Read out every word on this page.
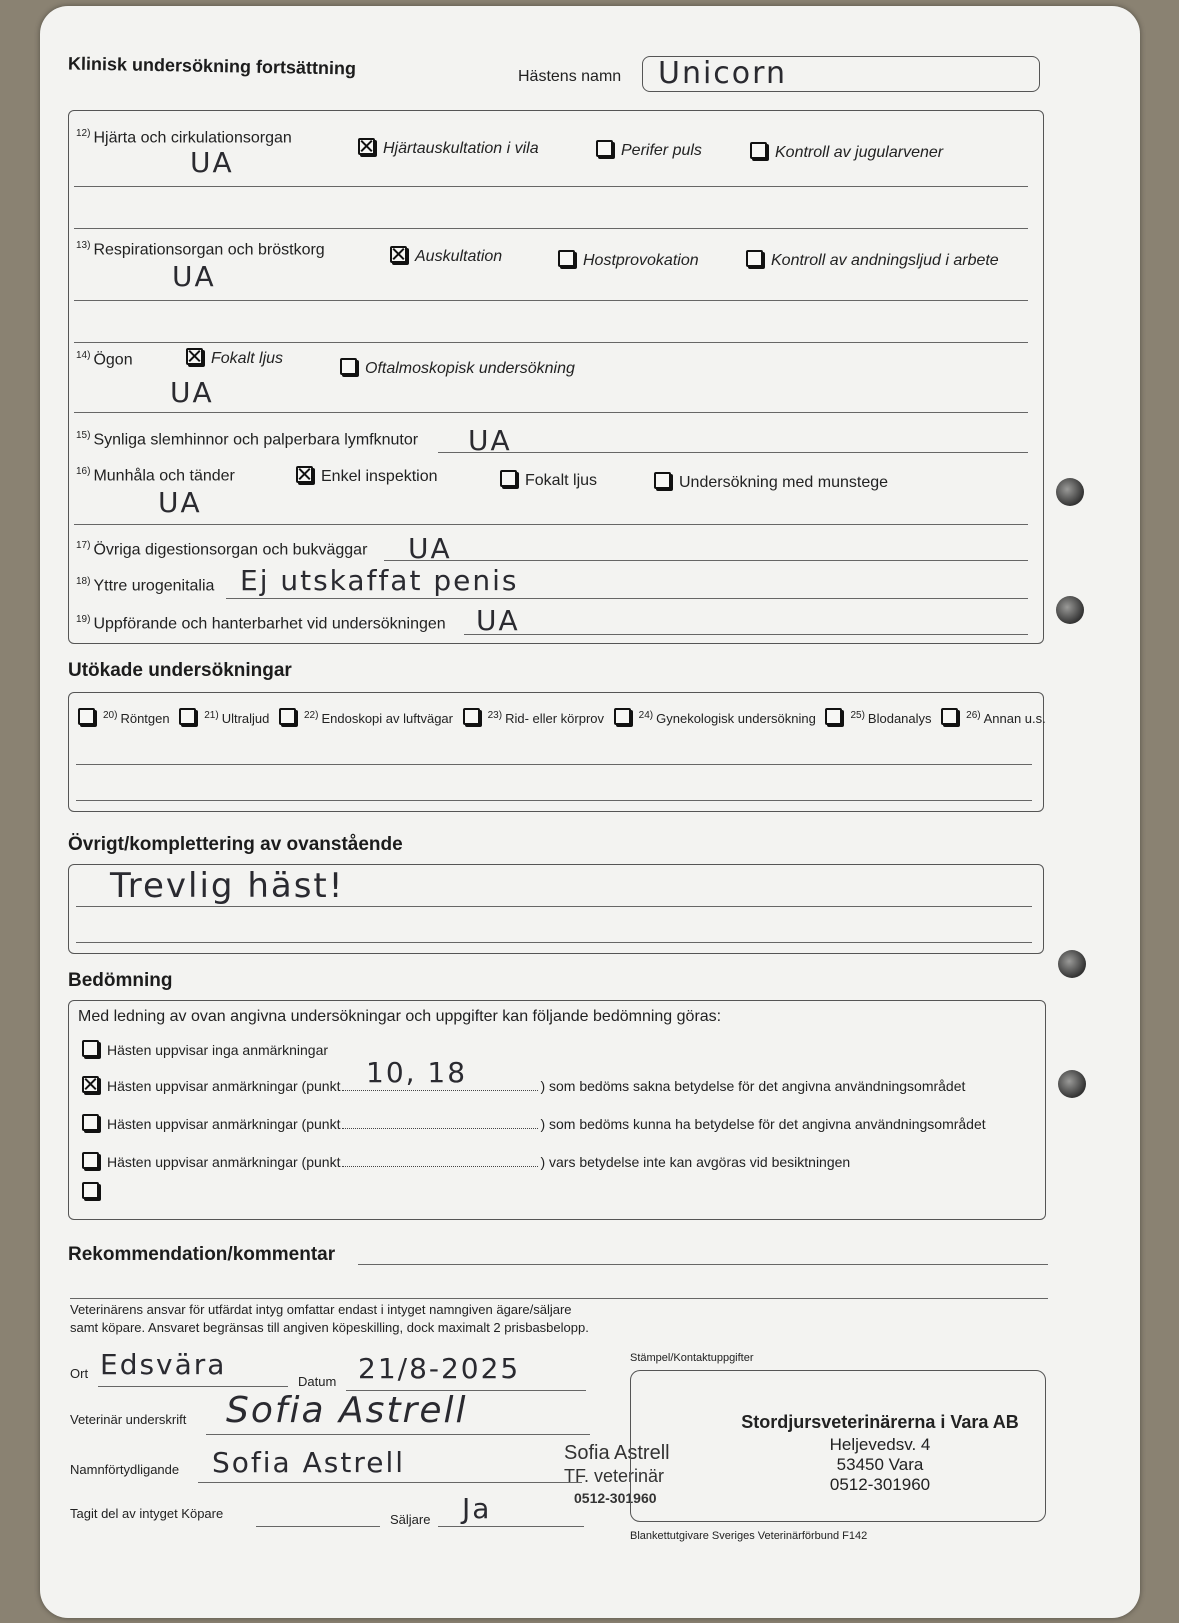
Klinisk undersökning fortsättning	Hästens namn Unicorn
$^{12)}$ Hjärta och cirkulationsorgan
Hjärtauskultation i vila	Perifer puls	Kontroll av jugularvener
UA
$^{13)}$ Respirationsorgan och bröstkorg	Auskultation	Hostprovokation	Kontroll av andningsljud i arbete
UA
$^{14)}$ Ögon	Fokalt ljus
Oftalmoskopisk undersökning
UA
$^{15)}$ Synliga slemhinnor och palperbara lymfknutor UA
$^{16)}$ Munhåla och tänder	Enkel inspektion	Fokalt ljus	Undersökning med munstege
UA
$^{17)}$ Övriga digestionsorgan och bukväggar UA
$^{18)}$ Yttre urogenitalia Ej utskaffat penis
$^{19)}$ Uppförande och hanterbarhet vid undersökningen UA
Utökade undersökningar
$^{20)}$ Röntgen	$^{21)}$ Ultraljud	$^{22)}$ Endoskopi av luftvägar	$^{23)}$ Rid- eller körprov	$^{24)}$ Gynekologisk undersökning	$^{25)}$ Blodanalys	$^{26)}$ Annan u.s.
Övrigt/komplettering av ovanstående
Trevlig häst!
Bedömning
Med ledning av ovan angivna undersökningar och uppgifter kan följande bedömning göras:
Hästen uppvisar inga anmärkningar
Hästen uppvisar anmärkningar (punkt	) som bedöms sakna betydelse för det angivna användningsområdet
10, 18
Hästen uppvisar anmärkningar (punkt	) som bedöms kunna ha betydelse för det angivna användningsområdet
Hästen uppvisar anmärkningar (punkt	) vars betydelse inte kan avgöras vid besiktningen
Rekommendation/kommentar
Veterinärens ansvar för utfärdat intyg omfattar endast i intyget namngiven ägare/säljare
samt köpare. Ansvaret begränsas till angiven köpeskilling, dock maximalt 2 prisbasbelopp.
Ort Edsvära
Datum 21/8-2025
Veterinär underskrift Sofia Astrell
Namnförtydligande Sofia Astrell
Tagit del av intyget Köpare	Säljare Ja
Sofia Astrell
TF. veterinär
0512-301960
Stämpel/Kontaktuppgifter
Stordjursveterinärerna i Vara AB
Heljevedsv. 4
53450 Vara
0512-301960
Blankettutgivare Sveriges Veterinärförbund F142
